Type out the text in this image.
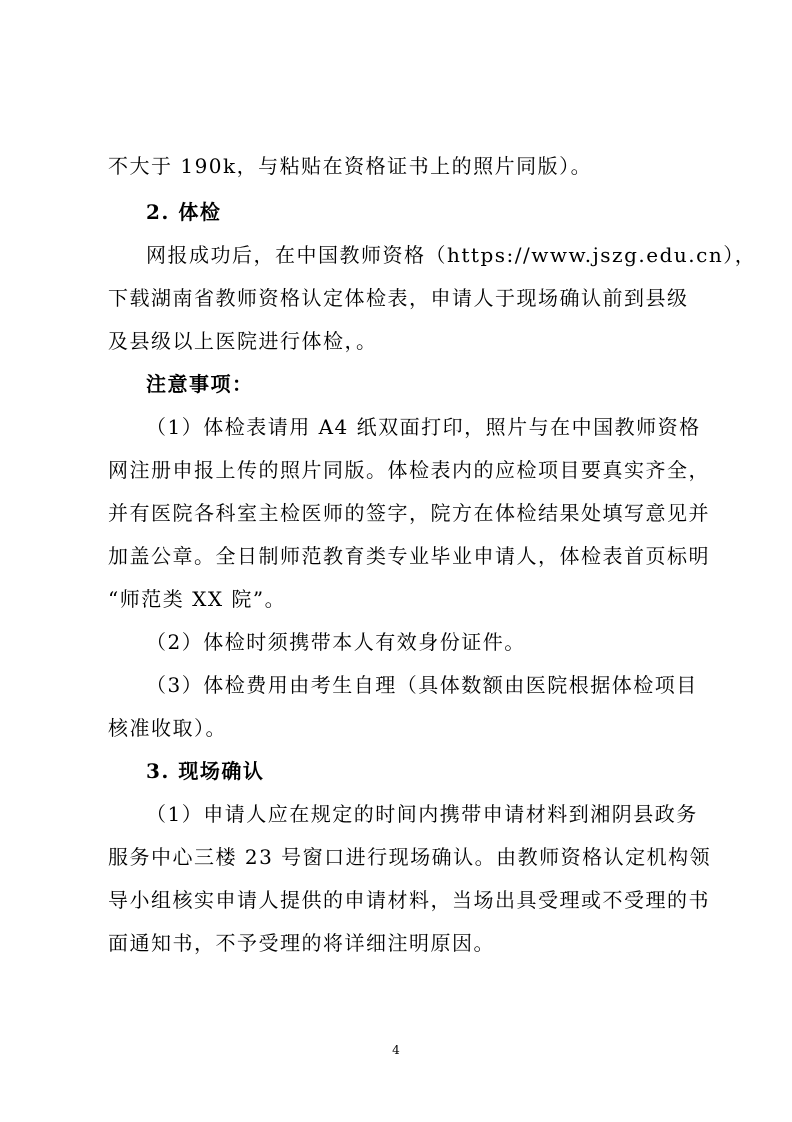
不大于 190k，与粘贴在资格证书上的照片同版）。
2. 体检
网报成功后，在中国教师资格（https://www.jszg.edu.cn），
下载湖南省教师资格认定体检表，申请人于现场确认前到县级
及县级以上医院进行体检，。
注意事项：
（1）体检表请用 A4 纸双面打印，照片与在中国教师资格
网注册申报上传的照片同版。体检表内的应检项目要真实齐全，
并有医院各科室主检医师的签字，院方在体检结果处填写意见并
加盖公章。全日制师范教育类专业毕业申请人，体检表首页标明
“师范类 XX 院”。
（2）体检时须携带本人有效身份证件。
（3）体检费用由考生自理（具体数额由医院根据体检项目
核准收取）。
3. 现场确认
（1）申请人应在规定的时间内携带申请材料到湘阴县政务
服务中心三楼 23 号窗口进行现场确认。由教师资格认定机构领
导小组核实申请人提供的申请材料，当场出具受理或不受理的书
面通知书，不予受理的将详细注明原因。
4
